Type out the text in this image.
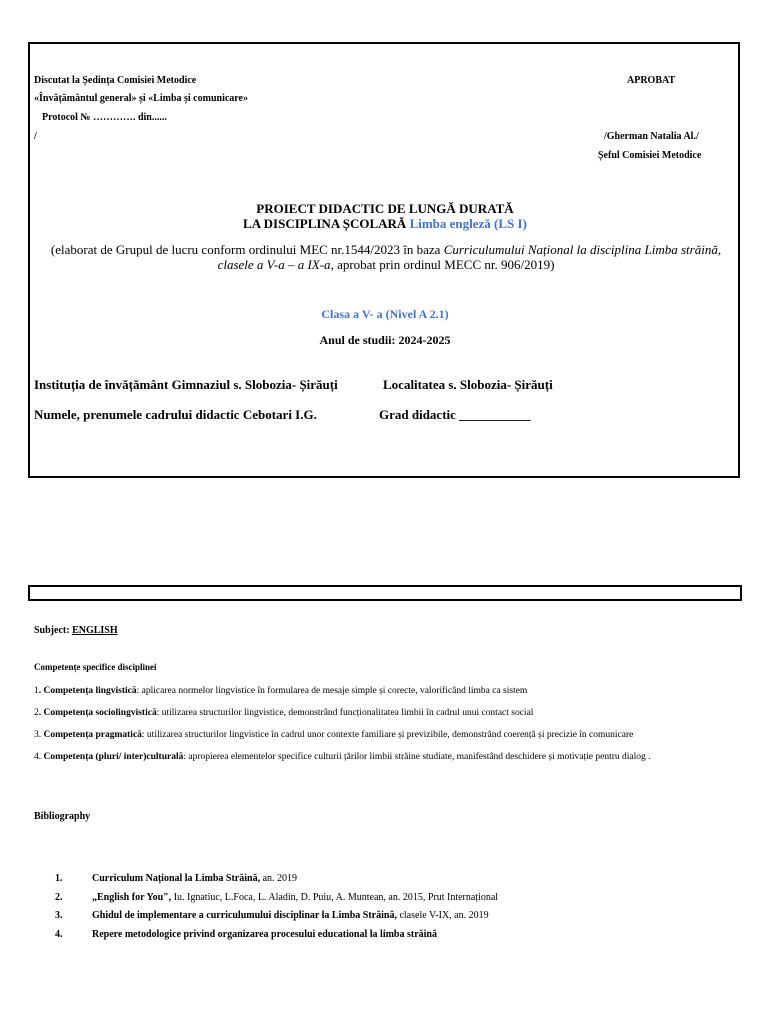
Discutat la Ședința Comisiei Metodice
«Învățământul general» și «Limba și comunicare»
Protocol № …………. din......
/
APROBAT
/Gherman Natalia Al./
Șeful Comisiei Metodice
PROIECT DIDACTIC DE LUNGĂ DURATĂ
LA DISCIPLINA ȘCOLARĂ Limba engleză (LS I)
(elaborat de Grupul de lucru conform ordinului MEC nr.1544/2023 în baza Curriculumului Național la disciplina Limba străină, clasele a V-a – a IX-a, aprobat prin ordinul MECC nr. 906/2019)
Clasa a V- a (Nivel A 2.1)
Anul de studii: 2024-2025
Instituția de învățământ Gimnaziul s. Slobozia- Șirăuți	Localitatea s. Slobozia- Șirăuți
Numele, prenumele cadrului didactic Cebotari I.G.	Grad didactic ___________
Subject: ENGLISH
Competențe specifice disciplinei
1. Competența lingvistică: aplicarea normelor lingvistice în formularea de mesaje simple și corecte, valorificând limba ca sistem
2. Competența sociolingvistică: utilizarea structurilor lingvistice, demonstrând funcționalitatea limbii în cadrul unui contact social
3. Competența pragmatică: utilizarea structurilor lingvistice în cadrul unor contexte familiare și previzibile, demonstrând coerență și precizie în comunicare
4. Competența (pluri/ inter)culturală: apropierea elementelor specifice culturii țărilor limbii străine studiate, manifestând deschidere și motivație pentru dialog .
Bibliography
1.	Curriculum Național la Limba Străină, an. 2019
2.	„English for You", Iu. Ignatiuc, L.Foca, L. Aladin, D. Puiu, A. Muntean, an. 2015, Prut Internațional
3.	Ghidul de implementare a curriculumului disciplinar la Limba Străină, clasele V-IX, an. 2019
4.	Repere metodologice privind organizarea procesului educational la limba străină
